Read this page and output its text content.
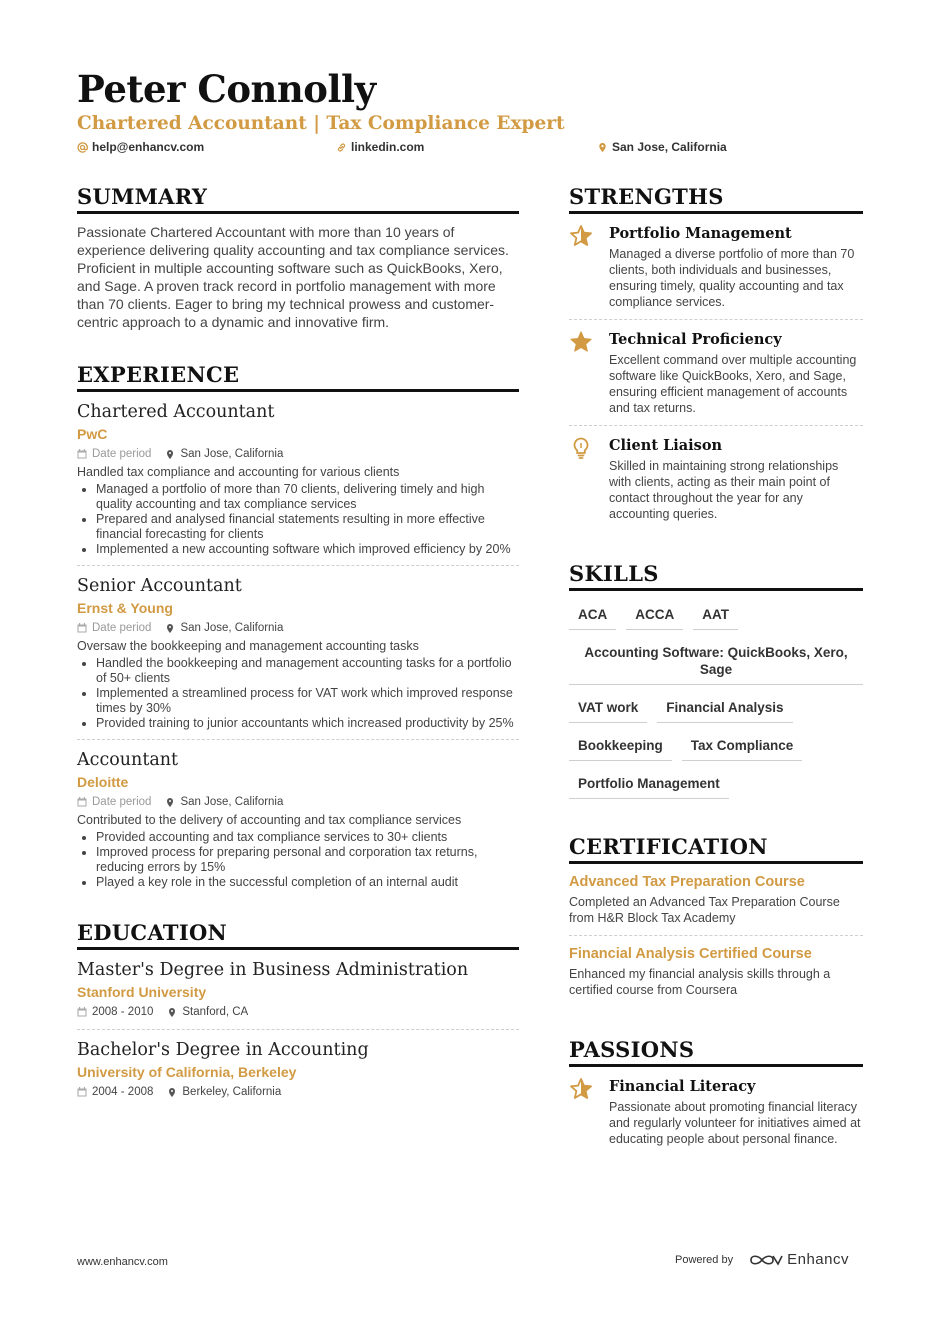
Peter Connolly
Chartered Accountant | Tax Compliance Expert
help@enhancv.com	linkedin.com	San Jose, California
SUMMARY
Passionate Chartered Accountant with more than 10 years of experience delivering quality accounting and tax compliance services. Proficient in multiple accounting software such as QuickBooks, Xero, and Sage. A proven track record in portfolio management with more than 70 clients. Eager to bring my technical prowess and customer-centric approach to a dynamic and innovative firm.
EXPERIENCE
Chartered Accountant
PwC
Date period	San Jose, California
Handled tax compliance and accounting for various clients
• Managed a portfolio of more than 70 clients, delivering timely and high quality accounting and tax compliance services
• Prepared and analysed financial statements resulting in more effective financial forecasting for clients
• Implemented a new accounting software which improved efficiency by 20%
Senior Accountant
Ernst & Young
Date period	San Jose, California
Oversaw the bookkeeping and management accounting tasks
• Handled the bookkeeping and management accounting tasks for a portfolio of 50+ clients
• Implemented a streamlined process for VAT work which improved response times by 30%
• Provided training to junior accountants which increased productivity by 25%
Accountant
Deloitte
Date period	San Jose, California
Contributed to the delivery of accounting and tax compliance services
• Provided accounting and tax compliance services to 30+ clients
• Improved process for preparing personal and corporation tax returns, reducing errors by 15%
• Played a key role in the successful completion of an internal audit
EDUCATION
Master's Degree in Business Administration
Stanford University
2008 - 2010	Stanford, CA
Bachelor's Degree in Accounting
University of California, Berkeley
2004 - 2008	Berkeley, California
STRENGTHS
Portfolio Management
Managed a diverse portfolio of more than 70 clients, both individuals and businesses, ensuring timely, quality accounting and tax compliance services.
Technical Proficiency
Excellent command over multiple accounting software like QuickBooks, Xero, and Sage, ensuring efficient management of accounts and tax returns.
Client Liaison
Skilled in maintaining strong relationships with clients, acting as their main point of contact throughout the year for any accounting queries.
SKILLS
ACA	ACCA	AAT
Accounting Software: QuickBooks, Xero, Sage
VAT work	Financial Analysis
Bookkeeping	Tax Compliance
Portfolio Management
CERTIFICATION
Advanced Tax Preparation Course
Completed an Advanced Tax Preparation Course from H&R Block Tax Academy
Financial Analysis Certified Course
Enhanced my financial analysis skills through a certified course from Coursera
PASSIONS
Financial Literacy
Passionate about promoting financial literacy and regularly volunteer for initiatives aimed at educating people about personal finance.
www.enhancv.com	Powered by	Enhancv
